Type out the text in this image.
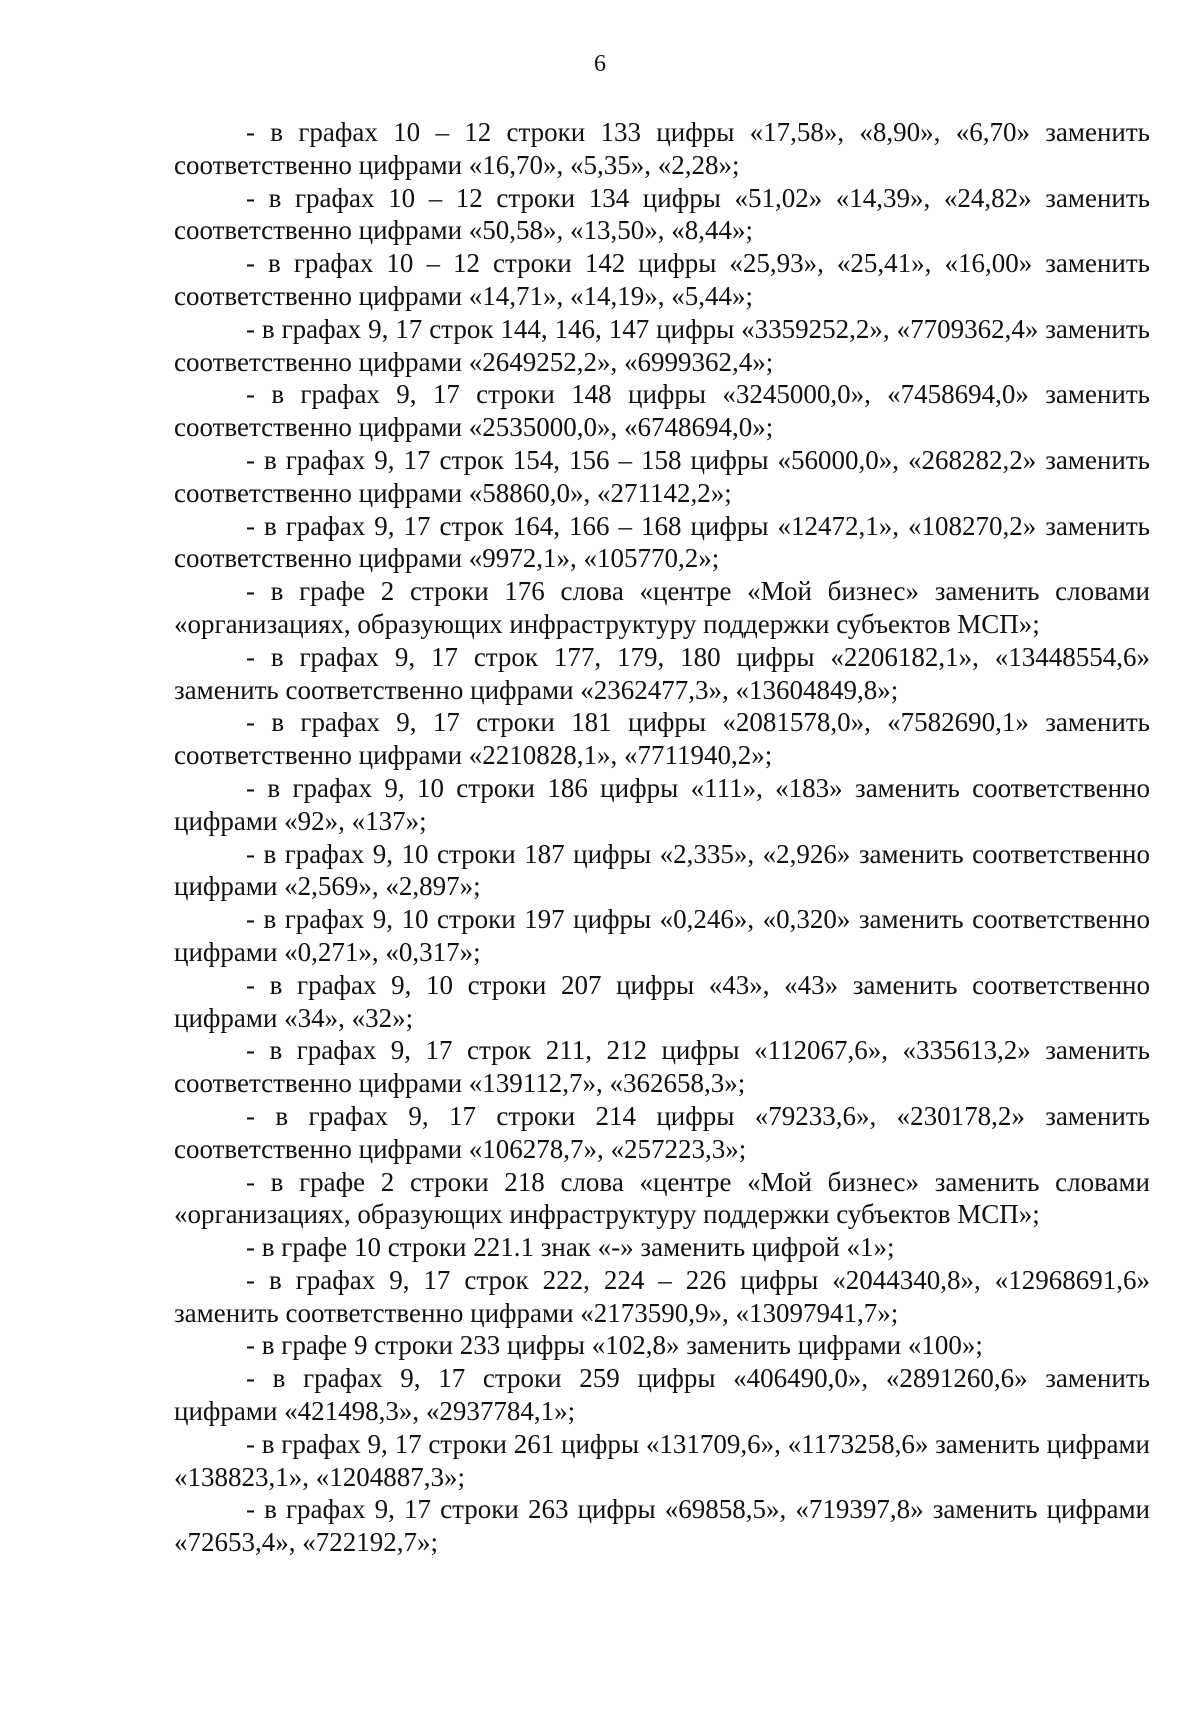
6

- в графах 10 – 12 строки 133 цифры «17,58», «8,90», «6,70» заменить соответственно цифрами «16,70», «5,35», «2,28»;

- в графах 10 – 12 строки 134 цифры «51,02» «14,39», «24,82» заменить соответственно цифрами «50,58», «13,50», «8,44»;

- в графах 10 – 12 строки 142 цифры «25,93», «25,41», «16,00» заменить соответственно цифрами «14,71», «14,19», «5,44»;

- в графах 9, 17 строк 144, 146, 147 цифры «3359252,2», «7709362,4» заменить соответственно цифрами «2649252,2», «6999362,4»;

- в графах 9, 17 строки 148 цифры «3245000,0», «7458694,0» заменить соответственно цифрами «2535000,0», «6748694,0»;

- в графах 9, 17 строк 154, 156 – 158 цифры «56000,0», «268282,2» заменить соответственно цифрами «58860,0», «271142,2»;

- в графах 9, 17 строк 164, 166 – 168 цифры «12472,1», «108270,2» заменить соответственно цифрами «9972,1», «105770,2»;

- в графе 2 строки 176 слова «центре «Мой бизнес» заменить словами «организациях, образующих инфраструктуру поддержки субъектов МСП»;

- в графах 9, 17 строк 177, 179, 180 цифры «2206182,1», «13448554,6» заменить соответственно цифрами «2362477,3», «13604849,8»;

- в графах 9, 17 строки 181 цифры «2081578,0», «7582690,1» заменить соответственно цифрами «2210828,1», «7711940,2»;

- в графах 9, 10 строки 186 цифры «111», «183» заменить соответственно цифрами «92», «137»;

- в графах 9, 10 строки 187 цифры «2,335», «2,926» заменить соответственно цифрами «2,569», «2,897»;

- в графах 9, 10 строки 197 цифры «0,246», «0,320» заменить соответственно цифрами «0,271», «0,317»;

- в графах 9, 10 строки 207 цифры «43», «43» заменить соответственно цифрами «34», «32»;

- в графах 9, 17 строк 211, 212 цифры «112067,6», «335613,2» заменить соответственно цифрами «139112,7», «362658,3»;

- в графах 9, 17 строки 214 цифры «79233,6», «230178,2» заменить соответственно цифрами «106278,7», «257223,3»;

- в графе 2 строки 218 слова «центре «Мой бизнес» заменить словами «организациях, образующих инфраструктуру поддержки субъектов МСП»;

- в графе 10 строки 221.1 знак «-» заменить цифрой «1»;

- в графах 9, 17 строк 222, 224 – 226 цифры «2044340,8», «12968691,6» заменить соответственно цифрами «2173590,9», «13097941,7»;

- в графе 9 строки 233 цифры «102,8» заменить цифрами «100»;

- в графах 9, 17 строки 259 цифры «406490,0», «2891260,6» заменить цифрами «421498,3», «2937784,1»;

- в графах 9, 17 строки 261 цифры «131709,6», «1173258,6» заменить цифрами «138823,1», «1204887,3»;

- в графах 9, 17 строки 263 цифры «69858,5», «719397,8» заменить цифрами «72653,4», «722192,7»;
